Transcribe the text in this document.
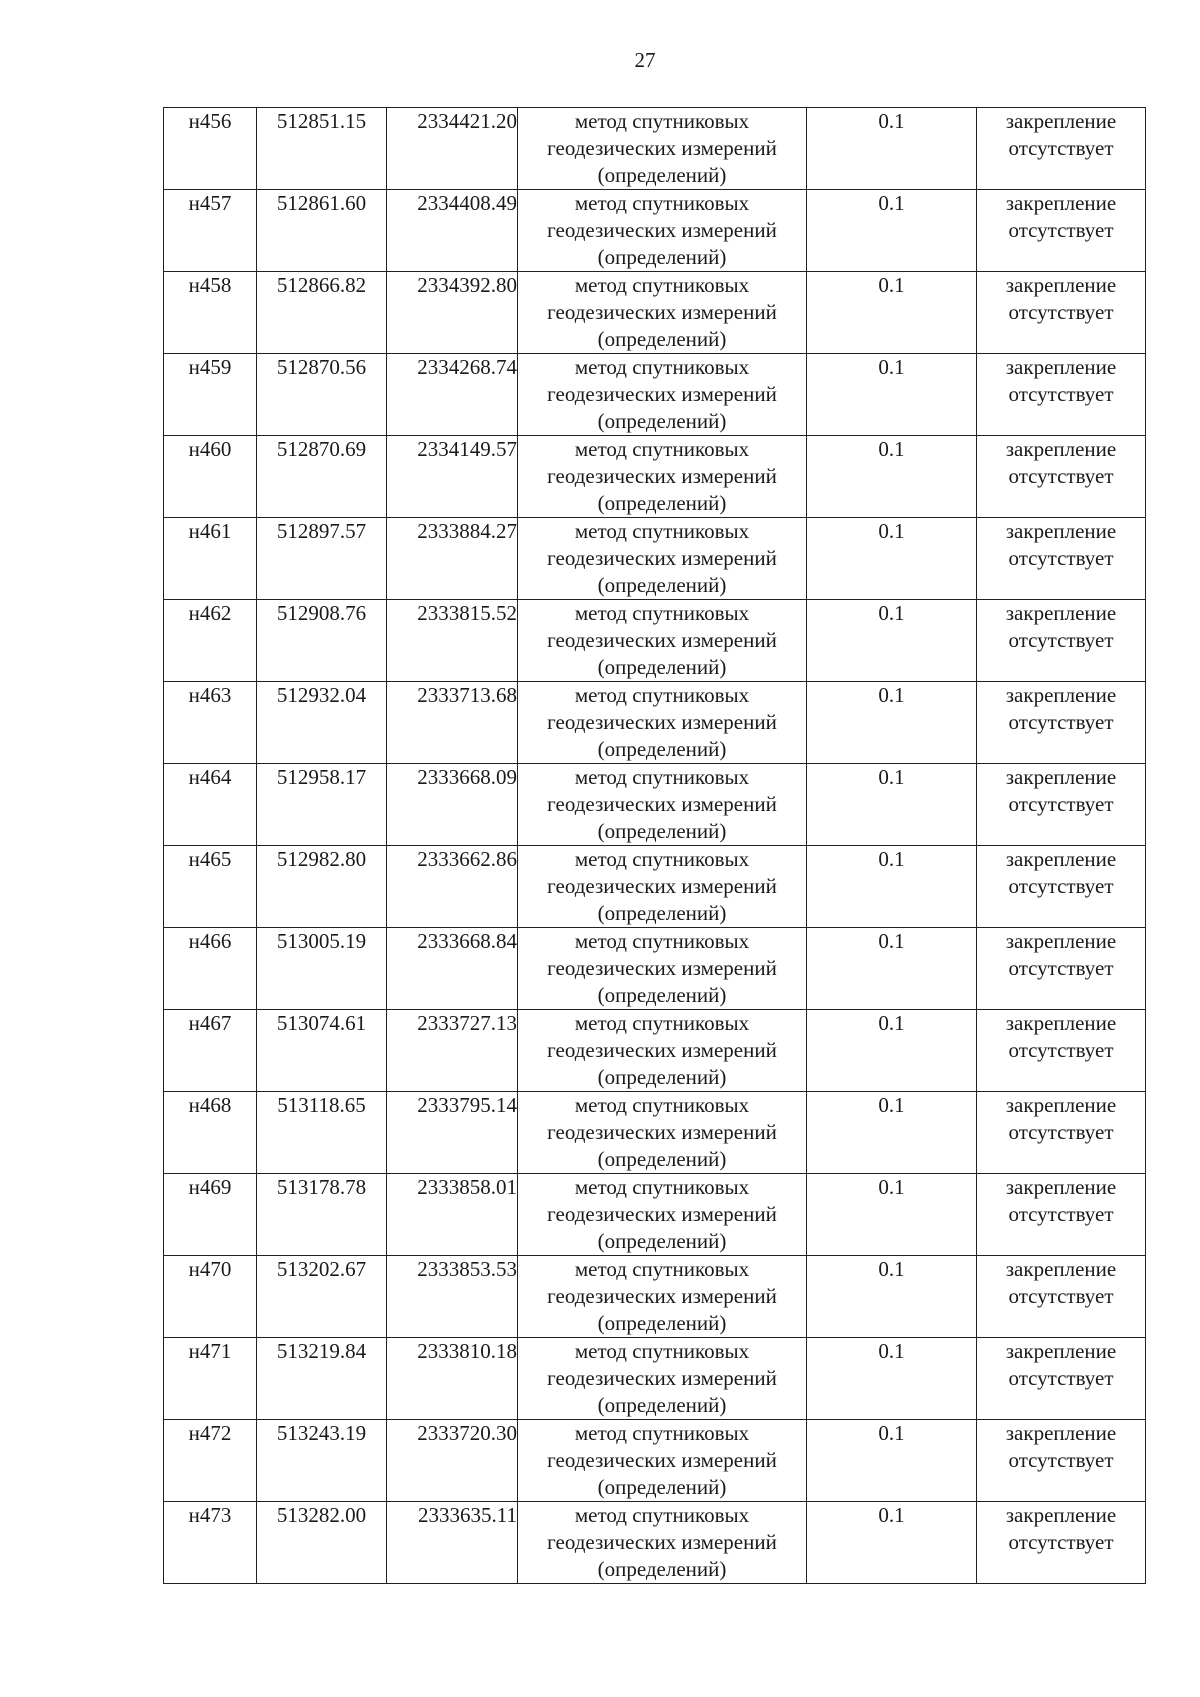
27
н456	512851.15	2334421.20	метод спутниковых
геодезических измерений
(определений)	0.1	закрепление
отсутствует

н457	512861.60	2334408.49	метод спутниковых
геодезических измерений
(определений)	0.1	закрепление
отсутствует

н458	512866.82	2334392.80	метод спутниковых
геодезических измерений
(определений)	0.1	закрепление
отсутствует

н459	512870.56	2334268.74	метод спутниковых
геодезических измерений
(определений)	0.1	закрепление
отсутствует

н460	512870.69	2334149.57	метод спутниковых
геодезических измерений
(определений)	0.1	закрепление
отсутствует

н461	512897.57	2333884.27	метод спутниковых
геодезических измерений
(определений)	0.1	закрепление
отсутствует

н462	512908.76	2333815.52	метод спутниковых
геодезических измерений
(определений)	0.1	закрепление
отсутствует

н463	512932.04	2333713.68	метод спутниковых
геодезических измерений
(определений)	0.1	закрепление
отсутствует

н464	512958.17	2333668.09	метод спутниковых
геодезических измерений
(определений)	0.1	закрепление
отсутствует

н465	512982.80	2333662.86	метод спутниковых
геодезических измерений
(определений)	0.1	закрепление
отсутствует

н466	513005.19	2333668.84	метод спутниковых
геодезических измерений
(определений)	0.1	закрепление
отсутствует

н467	513074.61	2333727.13	метод спутниковых
геодезических измерений
(определений)	0.1	закрепление
отсутствует

н468	513118.65	2333795.14	метод спутниковых
геодезических измерений
(определений)	0.1	закрепление
отсутствует

н469	513178.78	2333858.01	метод спутниковых
геодезических измерений
(определений)	0.1	закрепление
отсутствует

н470	513202.67	2333853.53	метод спутниковых
геодезических измерений
(определений)	0.1	закрепление
отсутствует

н471	513219.84	2333810.18	метод спутниковых
геодезических измерений
(определений)	0.1	закрепление
отсутствует

н472	513243.19	2333720.30	метод спутниковых
геодезических измерений
(определений)	0.1	закрепление
отсутствует

н473	513282.00	2333635.11	метод спутниковых
геодезических измерений
(определений)	0.1	закрепление
отсутствует
